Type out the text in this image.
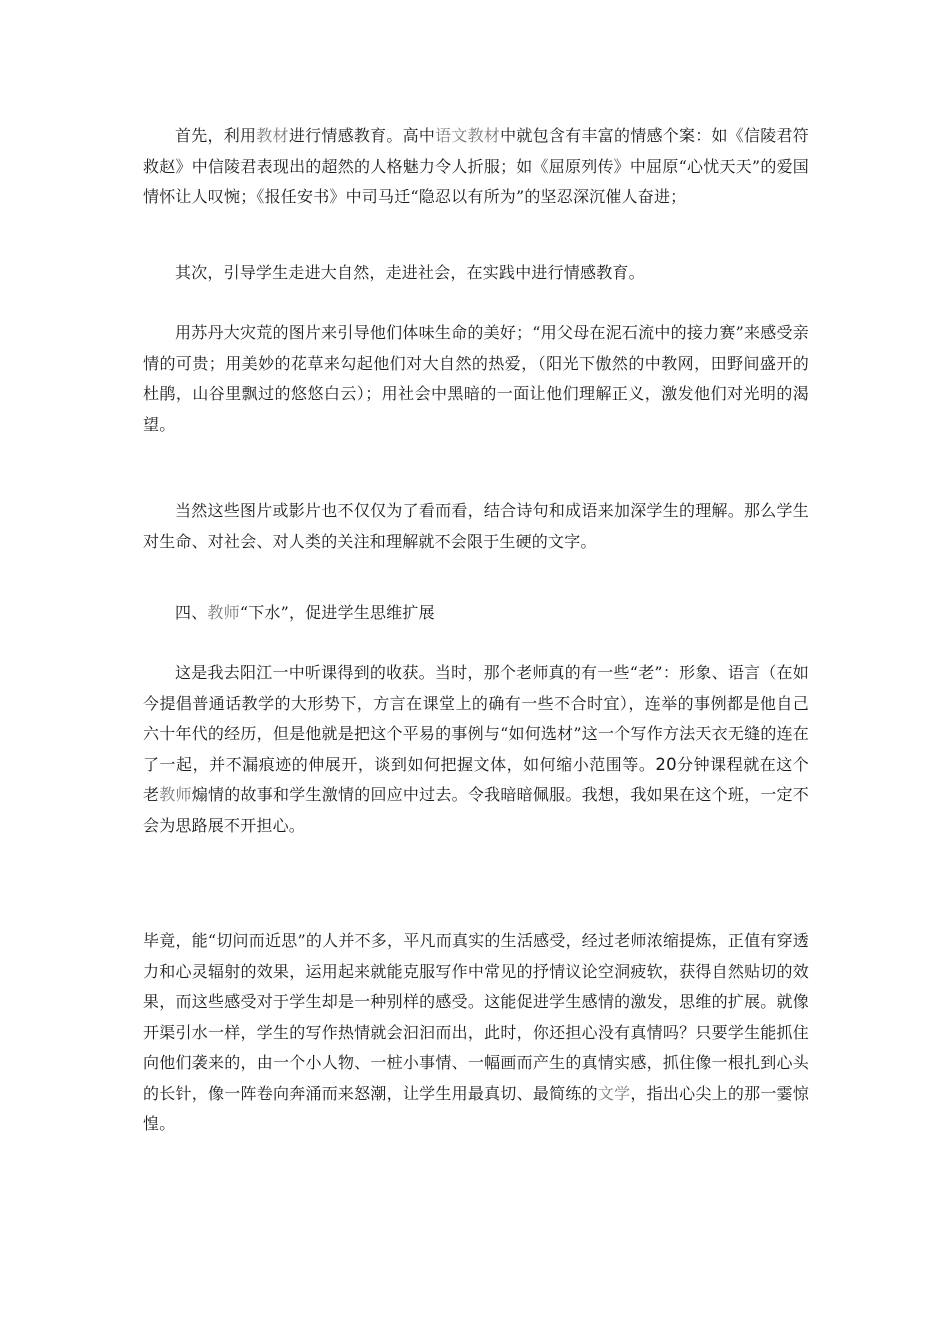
首先，利用教材进行情感教育。高中语文教材中就包含有丰富的情感个案：如《信陵君符救赵》中信陵君表现出的超然的人格魅力令人折服；如《屈原列传》中屈原“心忧天天”的爱国情怀让人叹惋；《报任安书》中司马迁“隐忍以有所为”的坚忍深沉催人奋进；

其次，引导学生走进大自然，走进社会，在实践中进行情感教育。

用苏丹大灾荒的图片来引导他们体味生命的美好；“用父母在泥石流中的接力赛”来感受亲情的可贵；用美妙的花草来勾起他们对大自然的热爱，（阳光下傲然的中教网，田野间盛开的杜鹃，山谷里飘过的悠悠白云）；用社会中黑暗的一面让他们理解正义，激发他们对光明的渴望。

当然这些图片或影片也不仅仅为了看而看，结合诗句和成语来加深学生的理解。那么学生对生命、对社会、对人类的关注和理解就不会限于生硬的文字。

四、教师“下水”，促进学生思维扩展

这是我去阳江一中听课得到的收获。当时，那个老师真的有一些“老”：形象、语言（在如今提倡普通话教学的大形势下，方言在课堂上的确有一些不合时宜），连举的事例都是他自己六十年代的经历，但是他就是把这个平易的事例与“如何选材”这一个写作方法天衣无缝的连在了一起，并不漏痕迹的伸展开，谈到如何把握文体，如何缩小范围等。20分钟课程就在这个老教师煽情的故事和学生激情的回应中过去。令我暗暗佩服。我想，我如果在这个班，一定不会为思路展不开担心。

毕竟，能“切问而近思”的人并不多，平凡而真实的生活感受，经过老师浓缩提炼，正值有穿透力和心灵辐射的效果，运用起来就能克服写作中常见的抒情议论空洞疲软，获得自然贴切的效果，而这些感受对于学生却是一种别样的感受。这能促进学生感情的激发，思维的扩展。就像开渠引水一样，学生的写作热情就会汩汩而出，此时，你还担心没有真情吗？只要学生能抓住向他们袭来的，由一个小人物、一桩小事情、一幅画而产生的真情实感，抓住像一根扎到心头的长针，像一阵卷向奔涌而来怒潮，让学生用最真切、最简练的文学，指出心尖上的那一霎惊惶。
